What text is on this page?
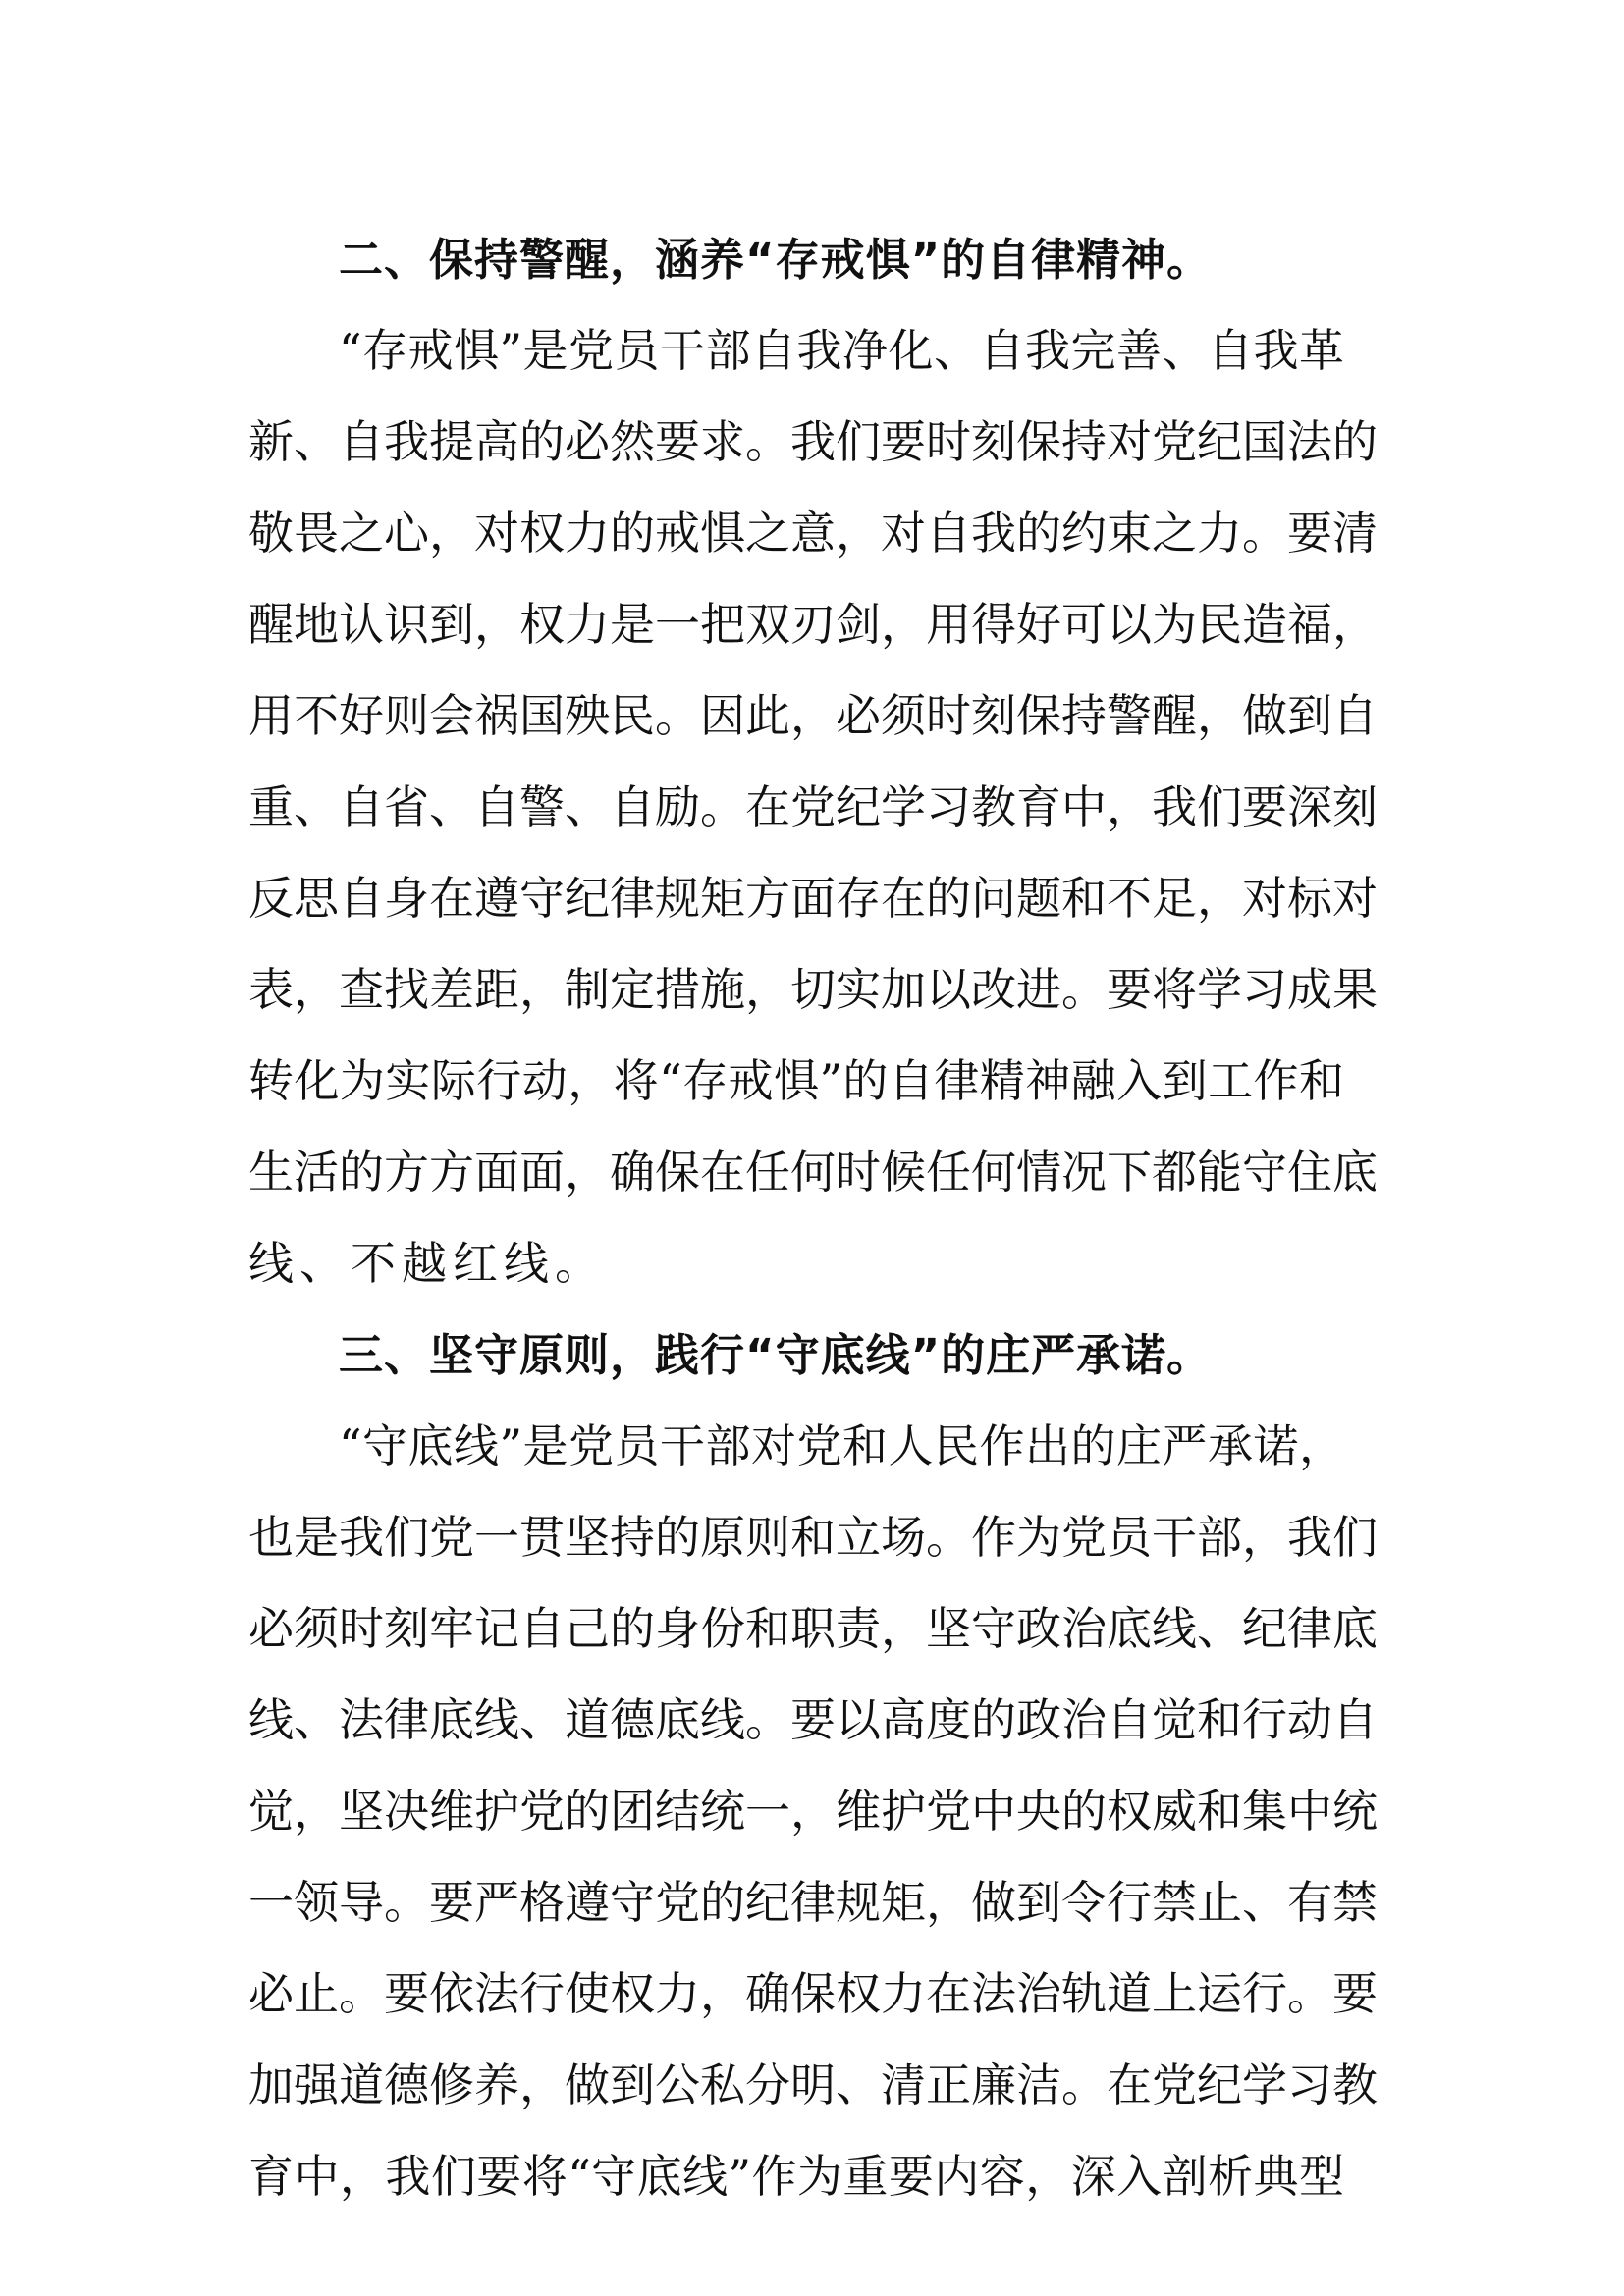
二、保持警醒，涵养“存戒惧”的自律精神。
“存戒惧”是党员干部自我净化、自我完善、自我革
新、自我提高的必然要求。我们要时刻保持对党纪国法的
敬畏之心，对权力的戒惧之意，对自我的约束之力。要清
醒地认识到，权力是一把双刃剑，用得好可以为民造福，
用不好则会祸国殃民。因此，必须时刻保持警醒，做到自
重、自省、自警、自励。在党纪学习教育中，我们要深刻
反思自身在遵守纪律规矩方面存在的问题和不足，对标对
表，查找差距，制定措施，切实加以改进。要将学习成果
转化为实际行动，将“存戒惧”的自律精神融入到工作和
生活的方方面面，确保在任何时候任何情况下都能守住底
线、不越红线。
三、坚守原则，践行“守底线”的庄严承诺。
“守底线”是党员干部对党和人民作出的庄严承诺，
也是我们党一贯坚持的原则和立场。作为党员干部，我们
必须时刻牢记自己的身份和职责，坚守政治底线、纪律底
线、法律底线、道德底线。要以高度的政治自觉和行动自
觉，坚决维护党的团结统一，维护党中央的权威和集中统
一领导。要严格遵守党的纪律规矩，做到令行禁止、有禁
必止。要依法行使权力，确保权力在法治轨道上运行。要
加强道德修养，做到公私分明、清正廉洁。在党纪学习教
育中，我们要将“守底线”作为重要内容，深入剖析典型
